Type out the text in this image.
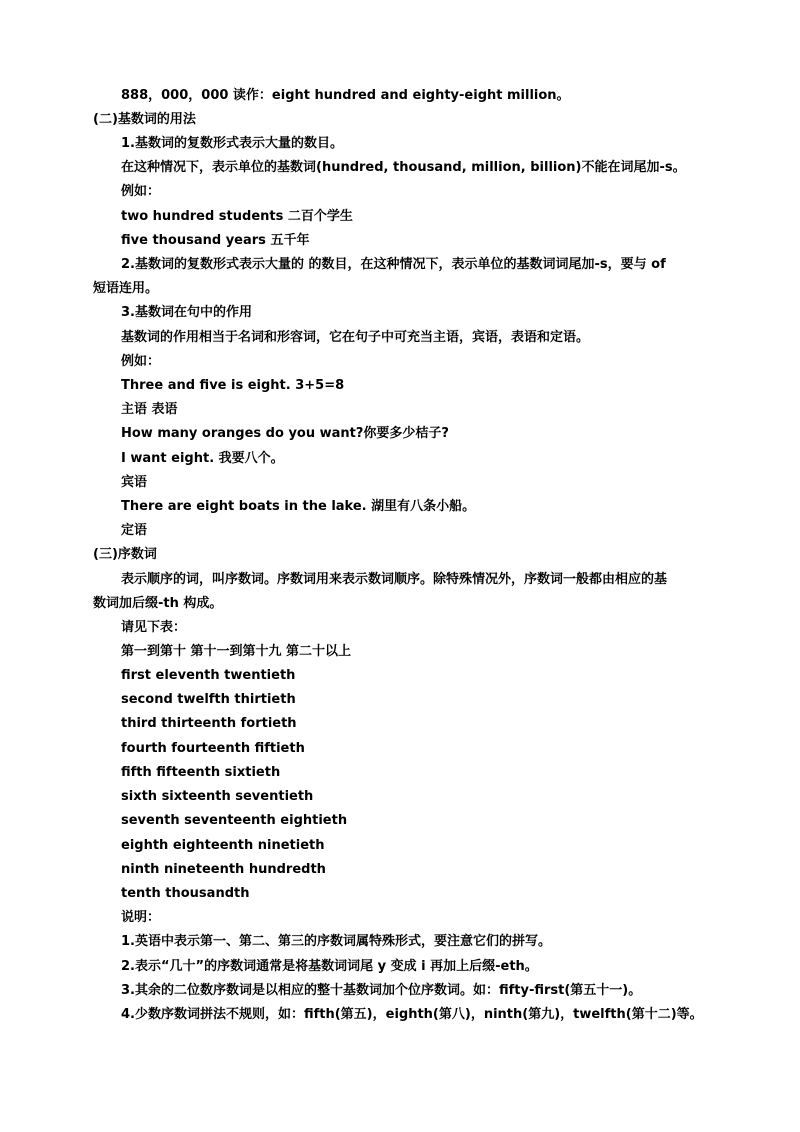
888，000，000 读作：eight hundred and eighty-eight million。
(二)基数词的用法
1.基数词的复数形式表示大量的数目。
在这种情况下，表示单位的基数词(hundred, thousand, million, billion)不能在词尾加-s。
例如：
two hundred students 二百个学生
five thousand years 五千年
2.基数词的复数形式表示大量的 的数目，在这种情况下，表示单位的基数词词尾加-s，要与 of
短语连用。
3.基数词在句中的作用
基数词的作用相当于名词和形容词，它在句子中可充当主语，宾语，表语和定语。
例如：
Three and five is eight. 3+5=8
主语 表语
How many oranges do you want?你要多少桔子?
I want eight. 我要八个。
宾语
There are eight boats in the lake. 湖里有八条小船。
定语
(三)序数词
表示顺序的词，叫序数词。序数词用来表示数词顺序。除特殊情况外，序数词一般都由相应的基
数词加后缀-th 构成。
请见下表：
第一到第十 第十一到第十九 第二十以上
first eleventh twentieth
second twelfth thirtieth
third thirteenth fortieth
fourth fourteenth fiftieth
fifth fifteenth sixtieth
sixth sixteenth seventieth
seventh seventeenth eightieth
eighth eighteenth ninetieth
ninth nineteenth hundredth
tenth thousandth
说明：
1.英语中表示第一、第二、第三的序数词属特殊形式，要注意它们的拼写。
2.表示“几十”的序数词通常是将基数词词尾 y 变成 i 再加上后缀-eth。
3.其余的二位数序数词是以相应的整十基数词加个位序数词。如：fifty-first(第五十一)。
4.少数序数词拼法不规则，如：fifth(第五)，eighth(第八)，ninth(第九)，twelfth(第十二)等。
